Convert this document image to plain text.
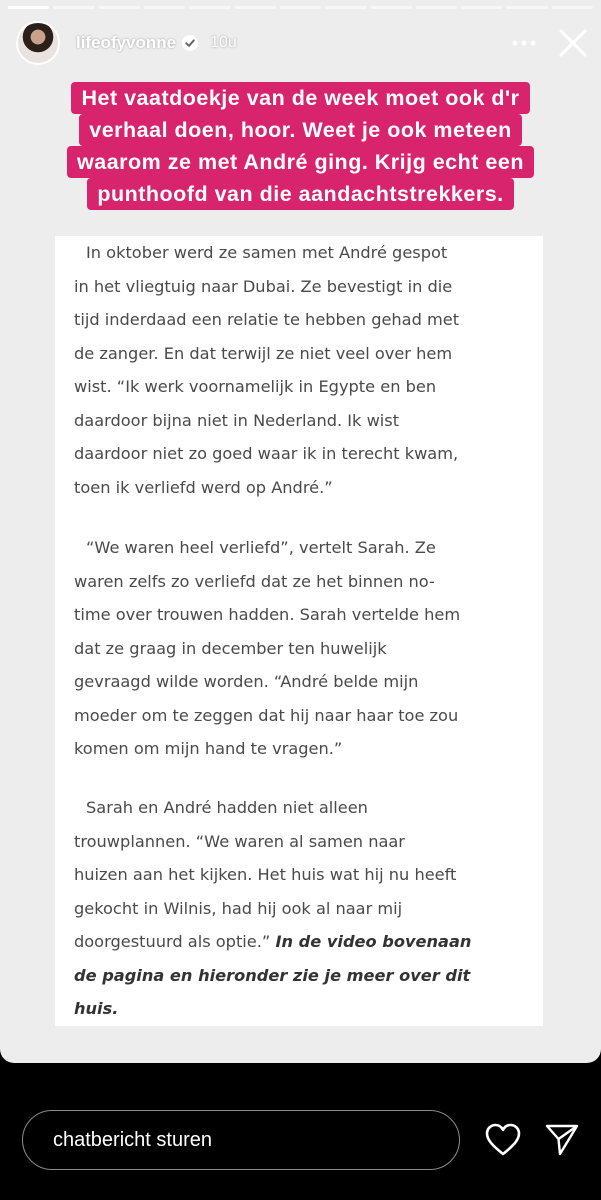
lifeofyvonne 10u
Het vaatdoekje van de week moet ook d'r
verhaal doen, hoor. Weet je ook meteen
waarom ze met André ging. Krijg echt een
punthoofd van die aandachtstrekkers.

In oktober werd ze samen met André gespot
in het vliegtuig naar Dubai. Ze bevestigt in die
tijd inderdaad een relatie te hebben gehad met
de zanger. En dat terwijl ze niet veel over hem
wist. “Ik werk voornamelijk in Egypte en ben
daardoor bijna niet in Nederland. Ik wist
daardoor niet zo goed waar ik in terecht kwam,
toen ik verliefd werd op André.”

“We waren heel verliefd”, vertelt Sarah. Ze
waren zelfs zo verliefd dat ze het binnen no-
time over trouwen hadden. Sarah vertelde hem
dat ze graag in december ten huwelijk
gevraagd wilde worden. “André belde mijn
moeder om te zeggen dat hij naar haar toe zou
komen om mijn hand te vragen.”

Sarah en André hadden niet alleen
trouwplannen. “We waren al samen naar
huizen aan het kijken. Het huis wat hij nu heeft
gekocht in Wilnis, had hij ook al naar mij
doorgestuurd als optie.” In de video bovenaan
de pagina en hieronder zie je meer over dit
huis.

chatbericht sturen
